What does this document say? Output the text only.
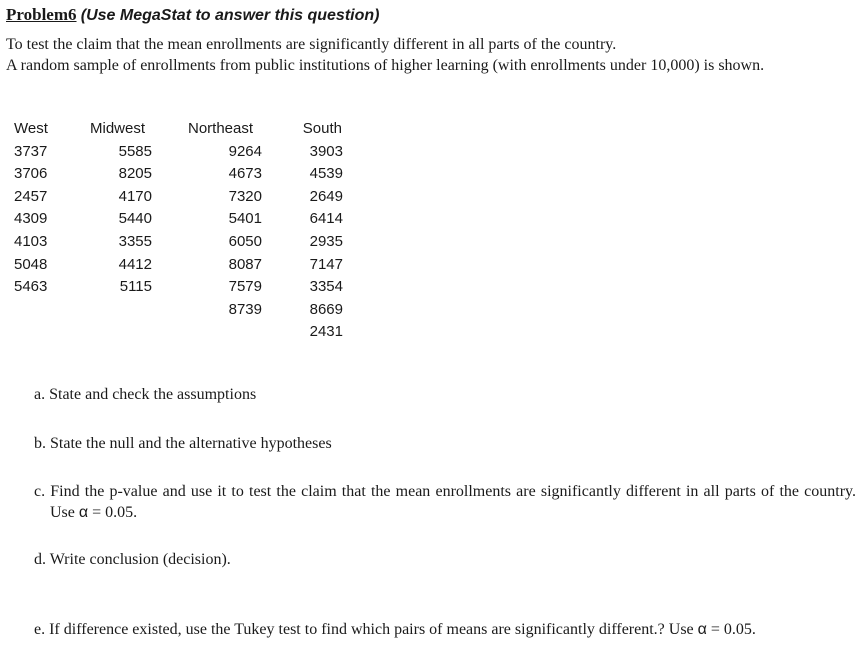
Problem6 (Use MegaStat to answer this question)

To test the claim that the mean enrollments are significantly different in all parts of the country.

A random sample of enrollments from public institutions of higher learning (with enrollments under 10,000) is shown.

West
3737
3706
2457
4309
4103
5048
5463
Midwest
5585
8205
4170
5440
3355
4412
5115
Northeast
9264
4673
7320
5401
6050
8087
7579
8739
South
3903
4539
2649
6414
2935
7147
3354
8669
2431
a. State and check the assumptions
b. State the null and the alternative hypotheses
c. Find the p-value and use it to test the claim that the mean enrollments are significantly different in all parts of the country. Use α = 0.05.
d. Write conclusion (decision).
e. If difference existed, use the Tukey test to find which pairs of means are significantly different.? Use α = 0.05.
